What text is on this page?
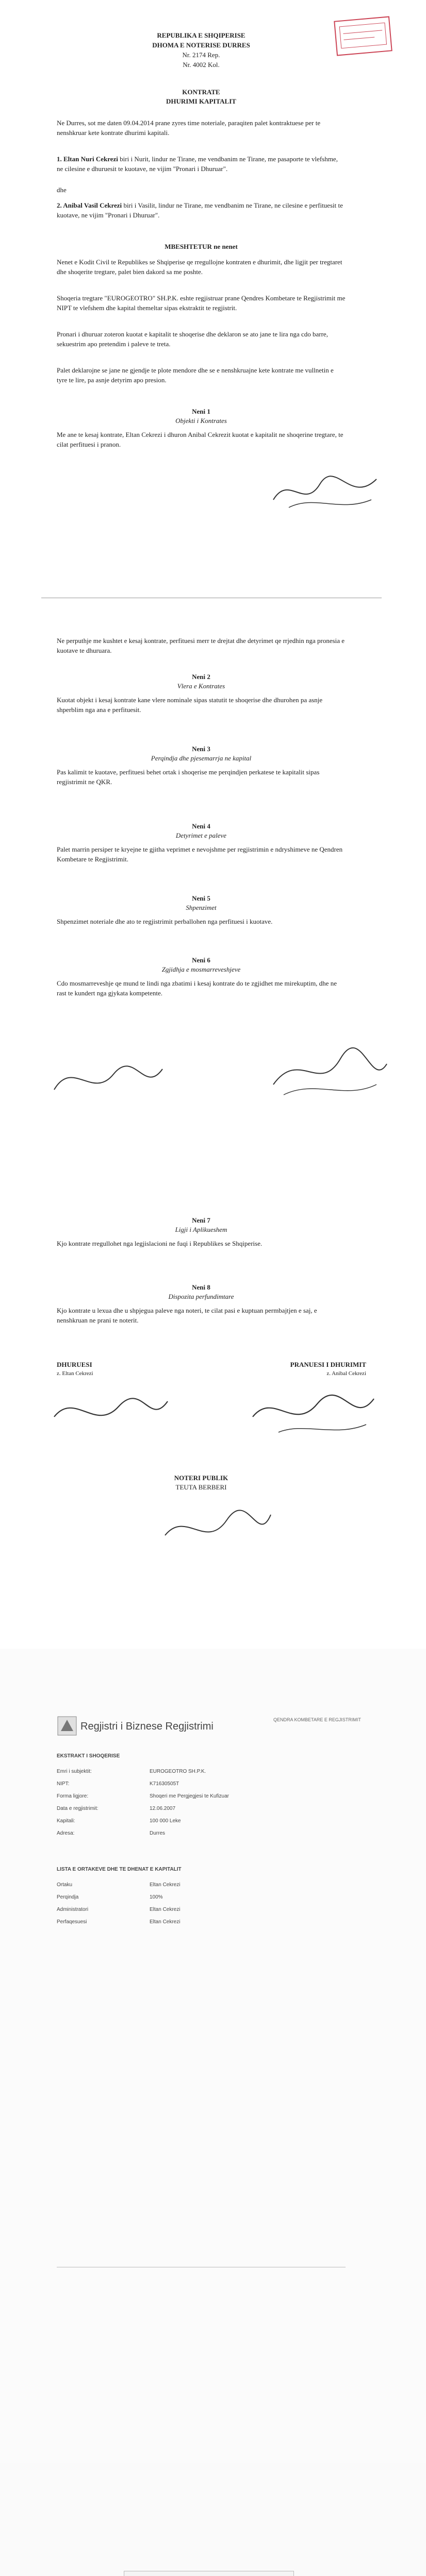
REPUBLIKA E SHQIPERISE
DHOMA E NOTERISE DURRES
Nr. 2174 Rep.
Nr. 4002 Kol.
KONTRATE
DHURIMI KAPITALIT
Ne Durres, sot me daten 09.04.2014 prane zyres time noteriale, paraqiten palet kontraktuese per te nenshkruar kete kontrate dhurimi kapitali.
1. Eltan Nuri Cekrezi biri i Nurit, lindur ne Tirane, me vendbanim ne Tirane, me pasaporte te vlefshme, ne cilesine e dhuruesit te kuotave, ne vijim "Pronari i Dhuruar".
dhe
2. Anibal Vasil Cekrezi biri i Vasilit, lindur ne Tirane, me vendbanim ne Tirane, ne cilesine e perfituesit te kuotave, ne vijim "Pronari i Dhuruar".
MBESHTETUR ne nenet
Nenet e Kodit Civil te Republikes se Shqiperise qe rregullojne kontraten e dhurimit, dhe ligjit per tregtaret dhe shoqerite tregtare, palet bien dakord sa me poshte.
Shoqeria tregtare "EUROGEOTRO" SH.P.K. eshte regjistruar prane Qendres Kombetare te Regjistrimit me NIPT te vlefshem dhe kapital themeltar sipas ekstraktit te regjistrit.
Pronari i dhuruar zoteron kuotat e kapitalit te shoqerise dhe deklaron se ato jane te lira nga cdo barre, sekuestrim apo pretendim i paleve te treta.
Palet deklarojne se jane ne gjendje te plote mendore dhe se e nenshkruajne kete kontrate me vullnetin e tyre te lire, pa asnje detyrim apo presion.
Neni 1
Objekti i Kontrates
Me ane te kesaj kontrate, Eltan Cekrezi i dhuron Anibal Cekrezit kuotat e kapitalit ne shoqerine tregtare, te cilat perfituesi i pranon.
Ne perputhje me kushtet e kesaj kontrate, perfituesi merr te drejtat dhe detyrimet qe rrjedhin nga pronesia e kuotave te dhuruara.
Neni 2
Vlera e Kontrates
Kuotat objekt i kesaj kontrate kane vlere nominale sipas statutit te shoqerise dhe dhurohen pa asnje shperblim nga ana e perfituesit.
Neni 3
Perqindja dhe pjesemarrja ne kapital
Pas kalimit te kuotave, perfituesi behet ortak i shoqerise me perqindjen perkatese te kapitalit sipas regjistrimit ne QKR.
Neni 4
Detyrimet e paleve
Palet marrin persiper te kryejne te gjitha veprimet e nevojshme per regjistrimin e ndryshimeve ne Qendren Kombetare te Regjistrimit.
Neni 5
Shpenzimet
Shpenzimet noteriale dhe ato te regjistrimit perballohen nga perfituesi i kuotave.
Neni 6
Zgjidhja e mosmarreveshjeve
Cdo mosmarreveshje qe mund te lindi nga zbatimi i kesaj kontrate do te zgjidhet me mirekuptim, dhe ne rast te kundert nga gjykata kompetente.
Neni 7
Ligji i Aplikueshem
Kjo kontrate rregullohet nga legjislacioni ne fuqi i Republikes se Shqiperise.
Neni 8
Dispozita perfundimtare
Kjo kontrate u lexua dhe u shpjegua paleve nga noteri, te cilat pasi e kuptuan permbajtjen e saj, e nenshkruan ne prani te noterit.
DHURUESI
z. Eltan Cekrezi
PRANUESI I DHURIMIT
z. Anibal Cekrezi
NOTERI PUBLIK
TEUTA BERBERI
Regjistri i Biznese Regjistrimi
QENDRA KOMBETARE E REGJISTRIMIT
EKSTRAKT I SHOQERISE
Emri i subjektit:	EUROGEOTRO SH.P.K.
NIPT:	K71630505T
Forma ligjore:	Shoqeri me Pergjegjesi te Kufizuar
Data e regjistrimit:	12.06.2007
Kapitali:	100 000 Leke
Adresa:	Durres
LISTA E ORTAKEVE DHE TE DHENAT E KAPITALIT
Ortaku	Eltan Cekrezi
Perqindja	100%
Administratori	Eltan Cekrezi
Perfaqesuesi	Eltan Cekrezi
